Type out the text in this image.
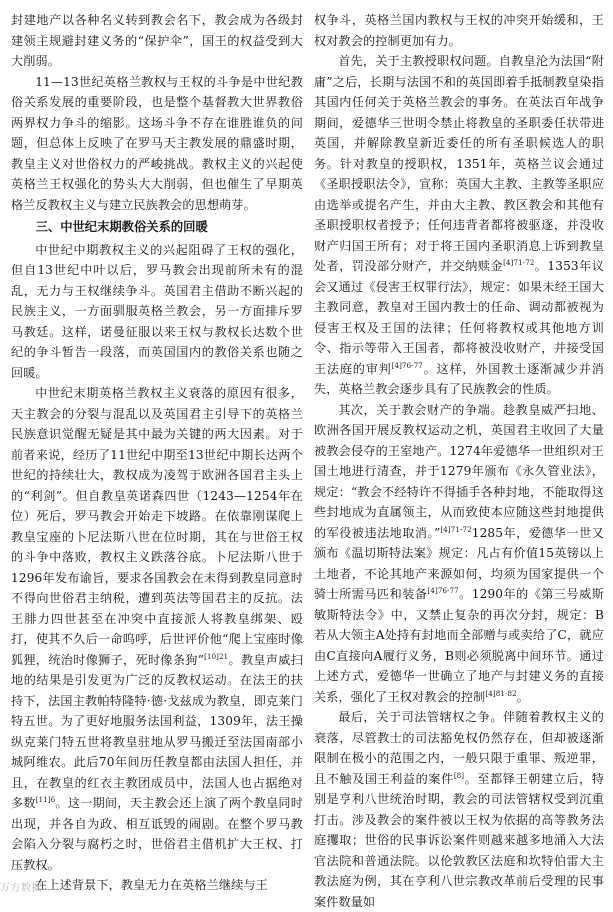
封建地产以各种名义转到教会名下，教会成为各级封建领主规避封建义务的“保护伞”，国王的权益受到大大削弱。

11—13世纪英格兰教权与王权的斗争是中世纪教俗关系发展的重要阶段，也是整个基督教大世界教俗两界权力争斗的缩影。这场斗争不存在谁胜谁负的问题，但总体上反映了在罗马天主教发展的鼎盛时期，教皇主义对世俗权力的严峻挑战。教权主义的兴起使英格兰王权强化的势头大大削弱，但也催生了早期英格兰反教权主义与建立民族教会的思想萌芽。

三、中世纪末期教俗关系的回暖

中世纪中期教权主义的兴起阻碍了王权的强化，但自13世纪中叶以后，罗马教会出现前所未有的混乱，无力与王权继续争斗。英国君主借助不断兴起的民族主义，一方面驯服英格兰教会，另一方面排斥罗马教廷。这样，诺曼征服以来王权与教权长达数个世纪的争斗暂告一段落，而英国国内的教俗关系也随之回暖。

中世纪末期英格兰教权主义衰落的原因有很多，天主教会的分裂与混乱以及英国君主引导下的英格兰民族意识觉醒无疑是其中最为关键的两大因素。对于前者来说，经历了11世纪中期至13世纪中期长达两个世纪的持续壮大，教权成为凌驾于欧洲各国君主头上的“利剑”。但自教皇英诺森四世（1243—1254年在位）死后，罗马教会开始走下坡路。在依靠刚谋爬上教皇宝座的卜尼法斯八世在位时期，其在与世俗王权的斗争中落败，教权主义跌落谷底。卜尼法斯八世于1296年发布谕旨，要求各国教会在未得到教皇同意时不得向世俗君主纳税，遭到英法等国君主的反抗。法王腓力四世甚至在冲突中直接派人将教皇绑架、殴打，使其不久后一命呜呼，后世评价他“爬上宝座时像狐狸，统治时像狮子，死时像条狗”$^{[10]21}$。教皇声威扫地的结果是引发更为广泛的反教权运动。在法王的扶持下，法国主教帕特隆特·德·戈兹成为教皇，即克莱门特五世。为了更好地服务法国利益，1309年，法王操纵克莱门特五世将教皇驻地从罗马搬迁至法国南部小城阿维农。此后70年间历任教皇都由法国人担任，并且，在教皇的红衣主教团成员中，法国人也占据绝对多数$^{[11]6}$。这一期间，天主教会还上演了两个教皇同时出现，并各自为政、相互诋毁的闹剧。在整个罗马教会陷入分裂与腐朽之时，世俗君主借机扩大王权、打压教权。

在上述背景下，教皇无力在英格兰继续与王

权争斗，英格兰国内教权与王权的冲突开始缓和，王权对教会的控制更加有力。

首先，关于主教授职权问题。自教皇沦为法国“附庸”之后，长期与法国不和的英国即着手抵制教皇染指其国内任何关于英格兰教会的事务。在英法百年战争期间，爱德华三世明令禁止将教皇的圣职委任状带进英国，并解除教皇新近委任的所有圣职候选人的职务。针对教皇的授职权，1351年，英格兰议会通过《圣职授职法令》，宣称：英国大主教、主教等圣职应由选举或提名产生，并由大主教、教区教会和其他有圣职授职权者授予；任何违背者都将被驱逐，并没收财产归国王所有；对于将王国内圣职消息上诉到教皇处者，罚没部分财产，并交纳赎金$^{[4]71-72}$。1353年议会又通过《侵害王权罪行法》，规定：如果未经王国大主教同意，教皇对王国内教士的任命、调动都被视为侵害王权及王国的法律；任何将教权或其他地方训令、指示等带入王国者，都将被没收财产，并接受国王法庭的审判$^{[4]76-77}$。这样，外国教士逐渐减少并消失，英格兰教会逐步具有了民族教会的性质。

其次，关于教会财产的争端。趁教皇威严扫地、欧洲各国开展反教权运动之机，英国君主收回了大量被教会侵夺的王室地产。1274年爱德华一世组织对王国土地进行清查，并于1279年颁布《永久管业法》，规定：“教会不经特许不得插手各种封地，不能取得这些封地成为直属领主，从而致使本应随这些封地提供的军役被违法地取消。”$^{[4]71-72}$1285年，爱德华一世又颁布《温切斯特法案》规定：凡占有价值15英镑以上土地者，不论其地产来源如何，均须为国家提供一个骑士所需马匹和装备$^{[4]76-77}$。1290年的《第三号威斯敏斯特法令》中，又禁止复杂的再次分封，规定：B若从大领主A处持有封地而全部赠与或卖给了C，就应由C直接向A履行义务，B则必须脱离中间环节。通过上述方式，爱德华一世确立了地产与封建义务的直接关系，强化了王权对教会的控制$^{[4]81-82}$。

最后，关于司法管辖权之争。伴随着教权主义的衰落，尽管教士的司法豁免权仍然存在，但却被逐渐限制在极小的范围之内，一般只限于重罪、叛逆罪，且不触及国王利益的案件[8]。至都铎王朝建立后，特别是亨利八世统治时期，教会的司法管辖权受到沉重打击。涉及教会的案件被以王权为依据的高等教务法庭攫取；世俗的民事诉讼案件则越来越多地涌入大法官法院和普通法院。以伦敦教区法庭和坎特伯雷大主教法庭为例，其在亨利八世宗教改革前后受理的民事案件数量如

万方数据
